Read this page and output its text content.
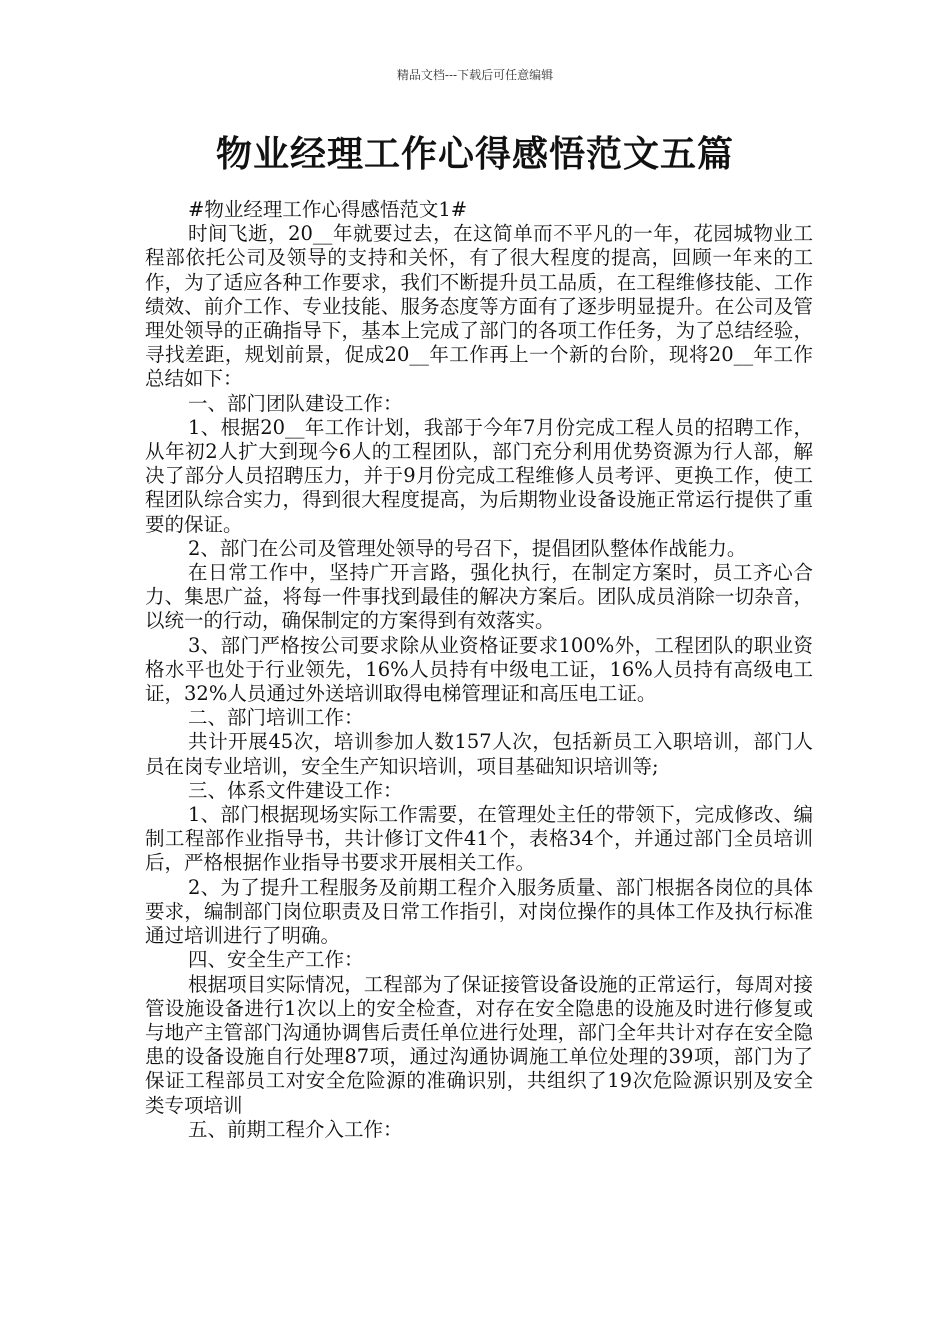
精品文档---下载后可任意编辑
物业经理工作心得感悟范文五篇

#物业经理工作心得感悟范文1#

时间飞逝，20__年就要过去，在这简单而不平凡的一年，花园城物业工程部依托公司及领导的支持和关怀，有了很大程度的提高，回顾一年来的工作，为了适应各种工作要求，我们不断提升员工品质，在工程维修技能、工作绩效、前介工作、专业技能、服务态度等方面有了逐步明显提升。在公司及管理处领导的正确指导下，基本上完成了部门的各项工作任务，为了总结经验，寻找差距，规划前景，促成20__年工作再上一个新的台阶，现将20__年工作总结如下：

一、部门团队建设工作：

1、根据20__年工作计划，我部于今年7月份完成工程人员的招聘工作，从年初2人扩大到现今6人的工程团队，部门充分利用优势资源为行人部，解决了部分人员招聘压力，并于9月份完成工程维修人员考评、更换工作，使工程团队综合实力，得到很大程度提高，为后期物业设备设施正常运行提供了重要的保证。

2、部门在公司及管理处领导的号召下，提倡团队整体作战能力。

在日常工作中，坚持广开言路，强化执行，在制定方案时，员工齐心合力、集思广益，将每一件事找到最佳的解决方案后。团队成员消除一切杂音，以统一的行动，确保制定的方案得到有效落实。

3、部门严格按公司要求除从业资格证要求100%外，工程团队的职业资格水平也处于行业领先，16%人员持有中级电工证，16%人员持有高级电工证，32%人员通过外送培训取得电梯管理证和高压电工证。

二、部门培训工作：

共计开展45次，培训参加人数157人次，包括新员工入职培训，部门人员在岗专业培训，安全生产知识培训，项目基础知识培训等;

三、体系文件建设工作：

1、部门根据现场实际工作需要，在管理处主任的带领下，完成修改、编制工程部作业指导书，共计修订文件41个，表格34个，并通过部门全员培训后，严格根据作业指导书要求开展相关工作。

2、为了提升工程服务及前期工程介入服务质量、部门根据各岗位的具体要求，编制部门岗位职责及日常工作指引，对岗位操作的具体工作及执行标准通过培训进行了明确。

四、安全生产工作：

根据项目实际情况，工程部为了保证接管设备设施的正常运行，每周对接管设施设备进行1次以上的安全检查，对存在安全隐患的设施及时进行修复或与地产主管部门沟通协调售后责任单位进行处理，部门全年共计对存在安全隐患的设备设施自行处理87项，通过沟通协调施工单位处理的39项，部门为了保证工程部员工对安全危险源的准确识别，共组织了19次危险源识别及安全类专项培训

五、前期工程介入工作：
